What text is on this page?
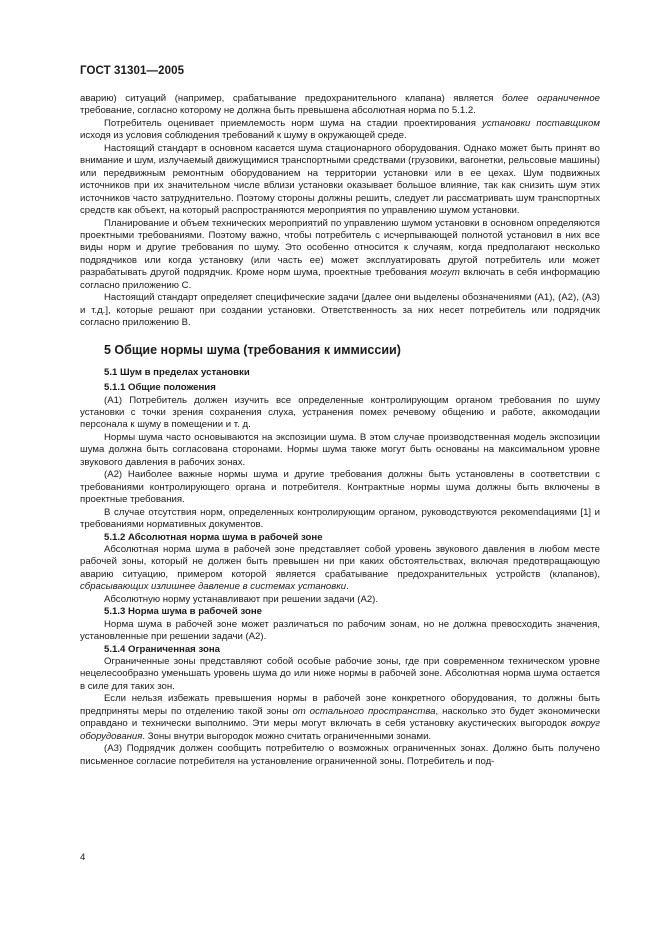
ГОСТ 31301—2005

аварию) ситуаций (например, срабатывание предохранительного клапана) является более ограниченное требование, согласно которому не должна быть превышена абсолютная норма по 5.1.2.

Потребитель оценивает приемлемость норм шума на стадии проектирования установки поставщиком исходя из условия соблюдения требований к шуму в окружающей среде.

Настоящий стандарт в основном касается шума стационарного оборудования. Однако может быть принят во внимание и шум, излучаемый движущимися транспортными средствами (грузовики, вагонетки, рельсовые машины) или передвижным ремонтным оборудованием на территории установки или в ее цехах. Шум подвижных источников при их значительном числе вблизи установки оказывает большое влияние, так как снизить шум этих источников часто затруднительно. Поэтому стороны должны решить, следует ли рассматривать шум транспортных средств как объект, на который распространяются мероприятия по управлению шумом установки.

Планирование и объем технических мероприятий по управлению шумом установки в основном определяются проектными требованиями. Поэтому важно, чтобы потребитель с исчерпывающей полнотой установил в них все виды норм и другие требования по шуму. Это особенно относится к случаям, когда предполагают несколько подрядчиков или когда установку (или часть ее) может эксплуатировать другой потребитель или может разрабатывать другой подрядчик. Кроме норм шума, проектные требования могут включать в себя информацию согласно приложению С.

Настоящий стандарт определяет специфические задачи [далее они выделены обозначениями (А1), (А2), (А3) и т.д.], которые решают при создании установки. Ответственность за них несет потребитель или подрядчик согласно приложению В.

5 Общие нормы шума (требования к иммиссии)
5.1 Шум в пределах установки
5.1.1 Общие положения

(А1) Потребитель должен изучить все определенные контролирующим органом требования по шуму установки с точки зрения сохранения слуха, устранения помех речевому общению и работе, аккомодации персонала к шуму в помещении и т. д.

Нормы шума часто основываются на экспозиции шума. В этом случае производственная модель экспозиции шума должна быть согласована сторонами. Нормы шума также могут быть основаны на максимальном уровне звукового давления в рабочих зонах.

(А2) Наиболее важные нормы шума и другие требования должны быть установлены в соответствии с требованиями контролирующего органа и потребителя. Контрактные нормы шума должны быть включены в проектные требования.

В случае отсутствия норм, определенных контролирующим органом, руководствуются рекомendaциями [1] и требованиями нормативных документов.

5.1.2 Абсолютная норма шума в рабочей зоне

Абсолютная норма шума в рабочей зоне представляет собой уровень звукового давления в любом месте рабочей зоны, который не должен быть превышен ни при каких обстоятельствах, включая предотвращающую аварию ситуацию, примером которой является срабатывание предохранительных устройств (клапанов), сбрасывающих излишнее давление в системах установки.

Абсолютную норму устанавливают при решении задачи (А2).

5.1.3 Норма шума в рабочей зоне

Норма шума в рабочей зоне может различаться по рабочим зонам, но не должна превосходить значения, установленные при решении задачи (А2).

5.1.4 Ограниченная зона

Ограниченные зоны представляют собой особые рабочие зоны, где при современном техническом уровне нецелесообразно уменьшать уровень шума до или ниже нормы в рабочей зоне. Абсолютная норма шума остается в силе для таких зон.

Если нельзя избежать превышения нормы в рабочей зоне конкретного оборудования, то должны быть предприняты меры по отделению такой зоны от остального пространства, насколько это будет экономически оправдано и технически выполнимо. Эти меры могут включать в себя установку акустических выгородок вокруг оборудования. Зоны внутри выгородок можно считать ограниченными зонами.

(А3) Подрядчик должен сообщить потребителю о возможных ограниченных зонах. Должно быть получено письменное согласие потребителя на установление ограниченной зоны. Потребитель и под-

4
